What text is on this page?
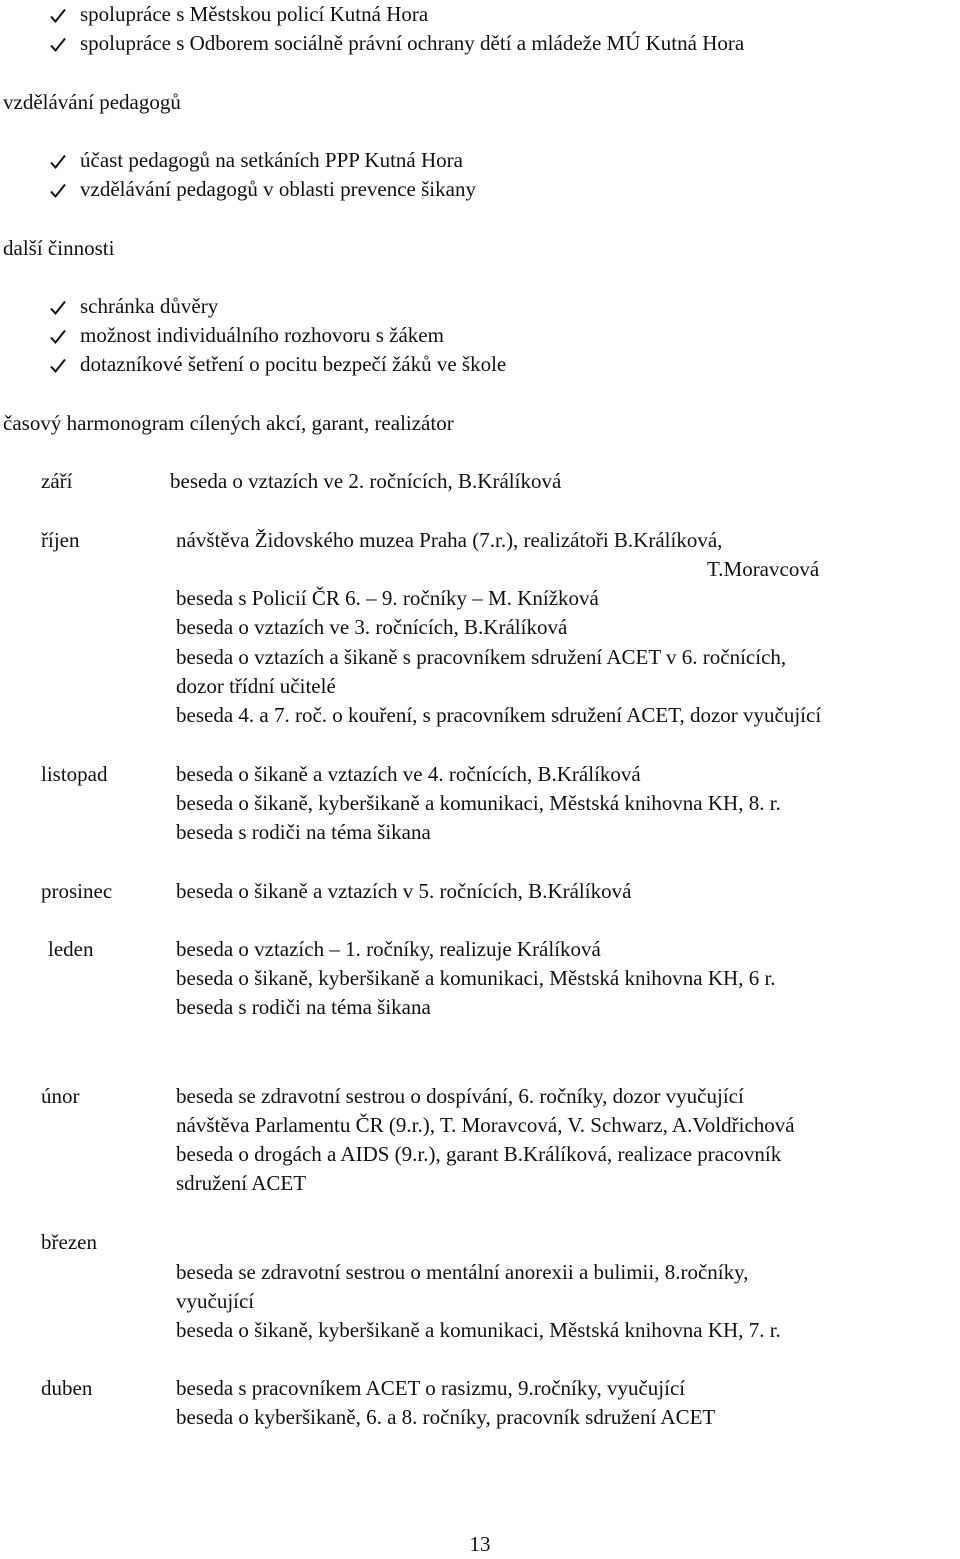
spolupráce s Městskou policí Kutná Hora
spolupráce s Odborem sociálně právní ochrany dětí a mládeže MÚ Kutná Hora
vzdělávání pedagogů
účast pedagogů na setkáních PPP Kutná Hora
vzdělávání pedagogů v oblasti prevence šikany
další činnosti
schránka důvěry
možnost individuálního rozhovoru s žákem
dotazníkové šetření o pocitu bezpečí žáků ve škole
časový harmonogram cílených akcí, garant, realizátor
září	beseda o vztazích ve 2. ročnících, B.Králíková
říjen	návštěva Židovského muzea Praha (7.r.), realizátoři B.Králíková,
T.Moravcová
beseda s Policií ČR 6. – 9. ročníky – M. Knížková
beseda o vztazích ve 3. ročnících, B.Králíková
beseda o vztazích a šikaně s pracovníkem sdružení ACET v 6. ročnících,
dozor třídní učitelé
beseda 4. a 7. roč. o kouření, s pracovníkem sdružení ACET, dozor vyučující
listopad	beseda o šikaně a vztazích ve 4. ročnících, B.Králíková
beseda o šikaně, kyberšikaně a komunikaci, Městská knihovna KH, 8. r.
beseda s rodiči na téma šikana
prosinec	beseda o šikaně a vztazích v 5. ročnících, B.Králíková
leden	beseda o vztazích – 1. ročníky, realizuje Králíková
beseda o šikaně, kyberšikaně a komunikaci, Městská knihovna KH, 6 r.
beseda s rodiči na téma šikana
únor	beseda se zdravotní sestrou o dospívání, 6. ročníky, dozor vyučující
návštěva Parlamentu ČR (9.r.), T. Moravcová, V. Schwarz, A.Voldřichová
beseda o drogách a AIDS (9.r.), garant B.Králíková, realizace pracovník
sdružení ACET
březen
beseda se zdravotní sestrou o mentální anorexii a bulimii, 8.ročníky,
vyučující
beseda o šikaně, kyberšikaně a komunikaci, Městská knihovna KH, 7. r.
duben	beseda s pracovníkem ACET o rasizmu, 9.ročníky, vyučující
beseda o kyberšikaně, 6. a 8. ročníky, pracovník sdružení ACET
13
